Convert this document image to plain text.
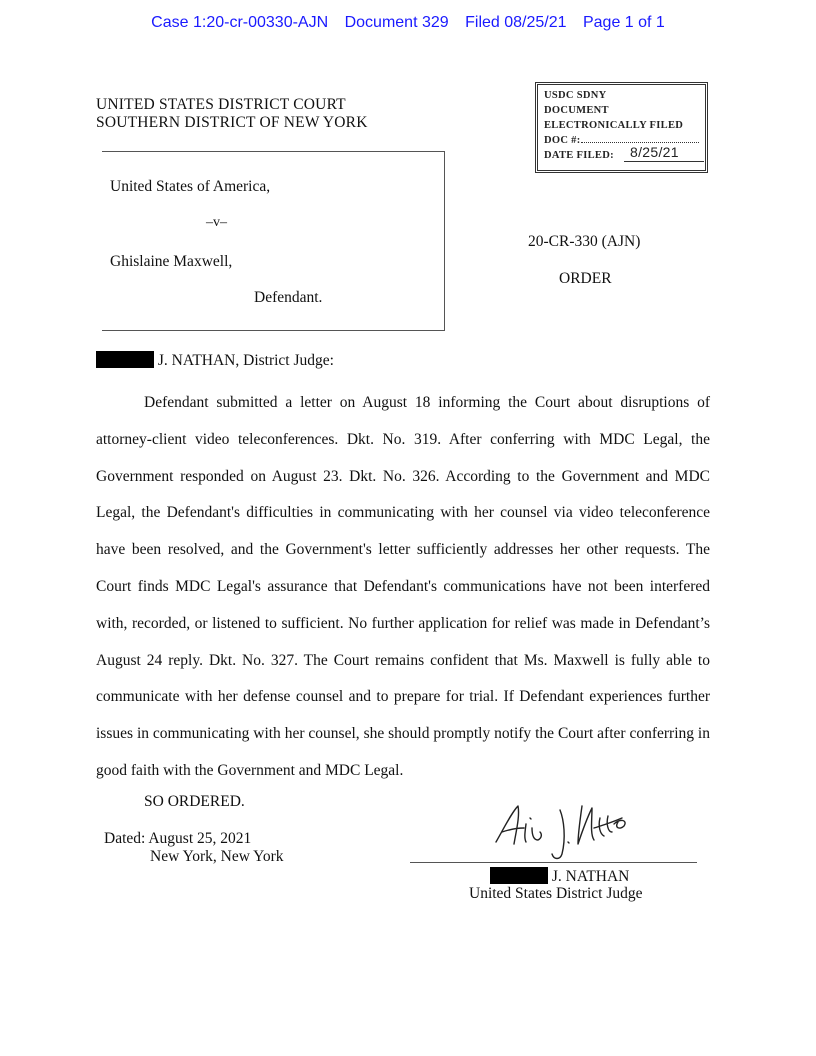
Case 1:20-cr-00330-AJN Document 329 Filed 08/25/21 Page 1 of 1
UNITED STATES DISTRICT COURT
SOUTHERN DISTRICT OF NEW YORK
USDC SDNY
DOCUMENT
ELECTRONICALLY FILED
DOC #:
DATE FILED: 8/25/21
United States of America,
–v–
Ghislaine Maxwell,
Defendant.
20-CR-330 (AJN)
ORDER
J. NATHAN, District Judge:
Defendant submitted a letter on August 18 informing the Court about disruptions of attorney-client video teleconferences. Dkt. No. 319. After conferring with MDC Legal, the Government responded on August 23. Dkt. No. 326. According to the Government and MDC Legal, the Defendant's difficulties in communicating with her counsel via video teleconference have been resolved, and the Government's letter sufficiently addresses her other requests. The Court finds MDC Legal's assurance that Defendant's communications have not been interfered with, recorded, or listened to sufficient. No further application for relief was made in Defendant’s August 24 reply. Dkt. No. 327. The Court remains confident that Ms. Maxwell is fully able to communicate with her defense counsel and to prepare for trial. If Defendant experiences further issues in communicating with her counsel, she should promptly notify the Court after conferring in good faith with the Government and MDC Legal.
SO ORDERED.
Dated: August 25, 2021
New York, New York
J. NATHAN
United States District Judge
